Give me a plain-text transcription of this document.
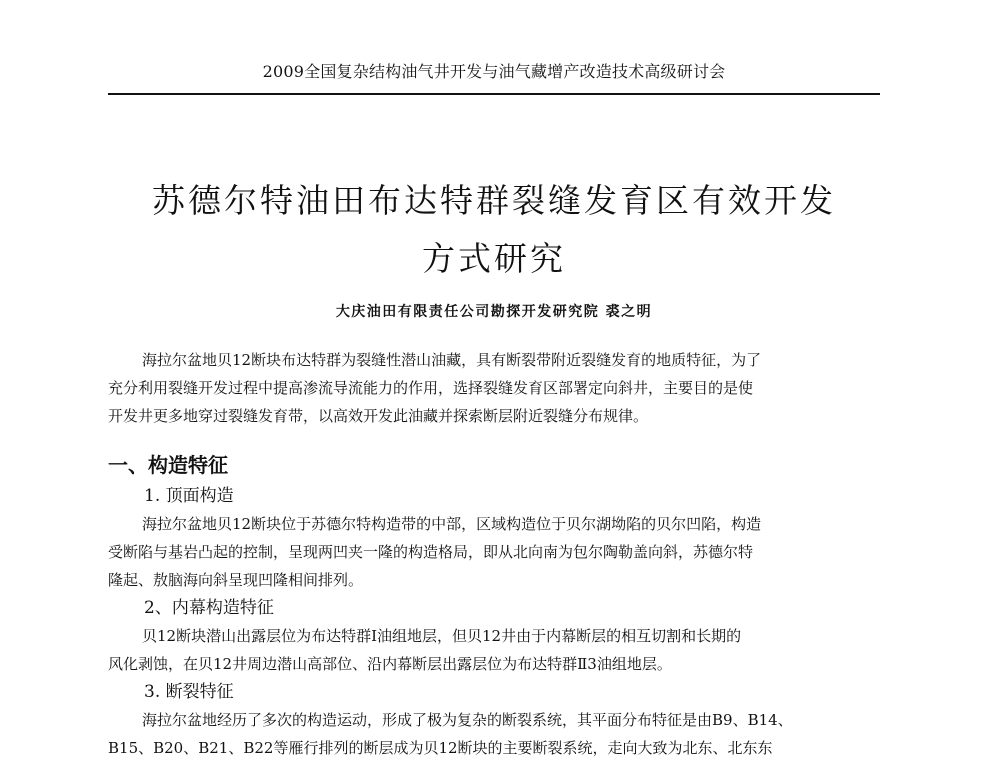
2009全国复杂结构油气井开发与油气藏增产改造技术高级研讨会
苏德尔特油田布达特群裂缝发育区有效开发
方式研究
大庆油田有限责任公司勘探开发研究院 裘之明
海拉尔盆地贝12断块布达特群为裂缝性潜山油藏，具有断裂带附近裂缝发育的地质特征，为了
充分利用裂缝开发过程中提高渗流导流能力的作用，选择裂缝发育区部署定向斜井，主要目的是使
开发井更多地穿过裂缝发育带，以高效开发此油藏并探索断层附近裂缝分布规律。
一、构造特征
1. 顶面构造
海拉尔盆地贝12断块位于苏德尔特构造带的中部，区域构造位于贝尔湖坳陷的贝尔凹陷，构造
受断陷与基岩凸起的控制，呈现两凹夹一隆的构造格局，即从北向南为包尔陶勒盖向斜，苏德尔特
隆起、敖脑海向斜呈现凹隆相间排列。
2、内幕构造特征
贝12断块潜山出露层位为布达特群Ⅰ油组地层，但贝12井由于内幕断层的相互切割和长期的
风化剥蚀，在贝12井周边潜山高部位、沿内幕断层出露层位为布达特群Ⅱ3油组地层。
3. 断裂特征
海拉尔盆地经历了多次的构造运动，形成了极为复杂的断裂系统，其平面分布特征是由B9、B14、
B15、B20、B21、B22等雁行排列的断层成为贝12断块的主要断裂系统，走向大致为北东、北东东
